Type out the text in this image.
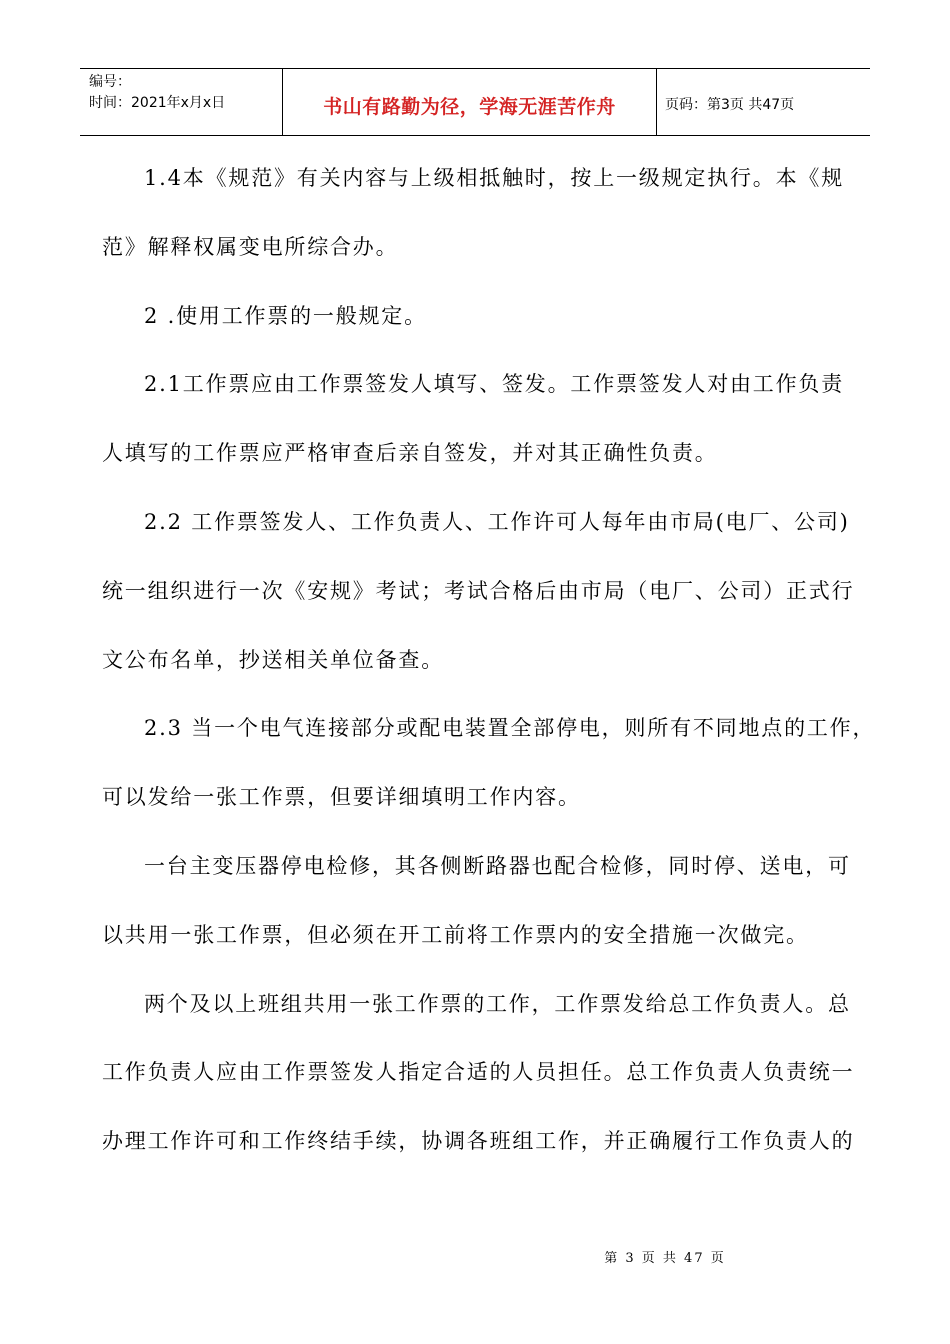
编号：
时间：2021年x月x日	书山有路勤为径，学海无涯苦作舟	页码：第3页 共47页
1.4本《规范》有关内容与上级相抵触时，按上一级规定执行。本《规
范》解释权属变电所综合办。
2 .使用工作票的一般规定。
2.1工作票应由工作票签发人填写、签发。工作票签发人对由工作负责
人填写的工作票应严格审查后亲自签发，并对其正确性负责。
2.2 工作票签发人、工作负责人、工作许可人每年由市局(电厂、公司)
统一组织进行一次《安规》考试；考试合格后由市局（电厂、公司）正式行
文公布名单，抄送相关单位备查。
2.3 当一个电气连接部分或配电装置全部停电，则所有不同地点的工作，
可以发给一张工作票，但要详细填明工作内容。
一台主变压器停电检修，其各侧断路器也配合检修，同时停、送电，可
以共用一张工作票，但必须在开工前将工作票内的安全措施一次做完。
两个及以上班组共用一张工作票的工作，工作票发给总工作负责人。总
工作负责人应由工作票签发人指定合适的人员担任。总工作负责人负责统一
办理工作许可和工作终结手续，协调各班组工作，并正确履行工作负责人的
第 3 页 共 47 页
